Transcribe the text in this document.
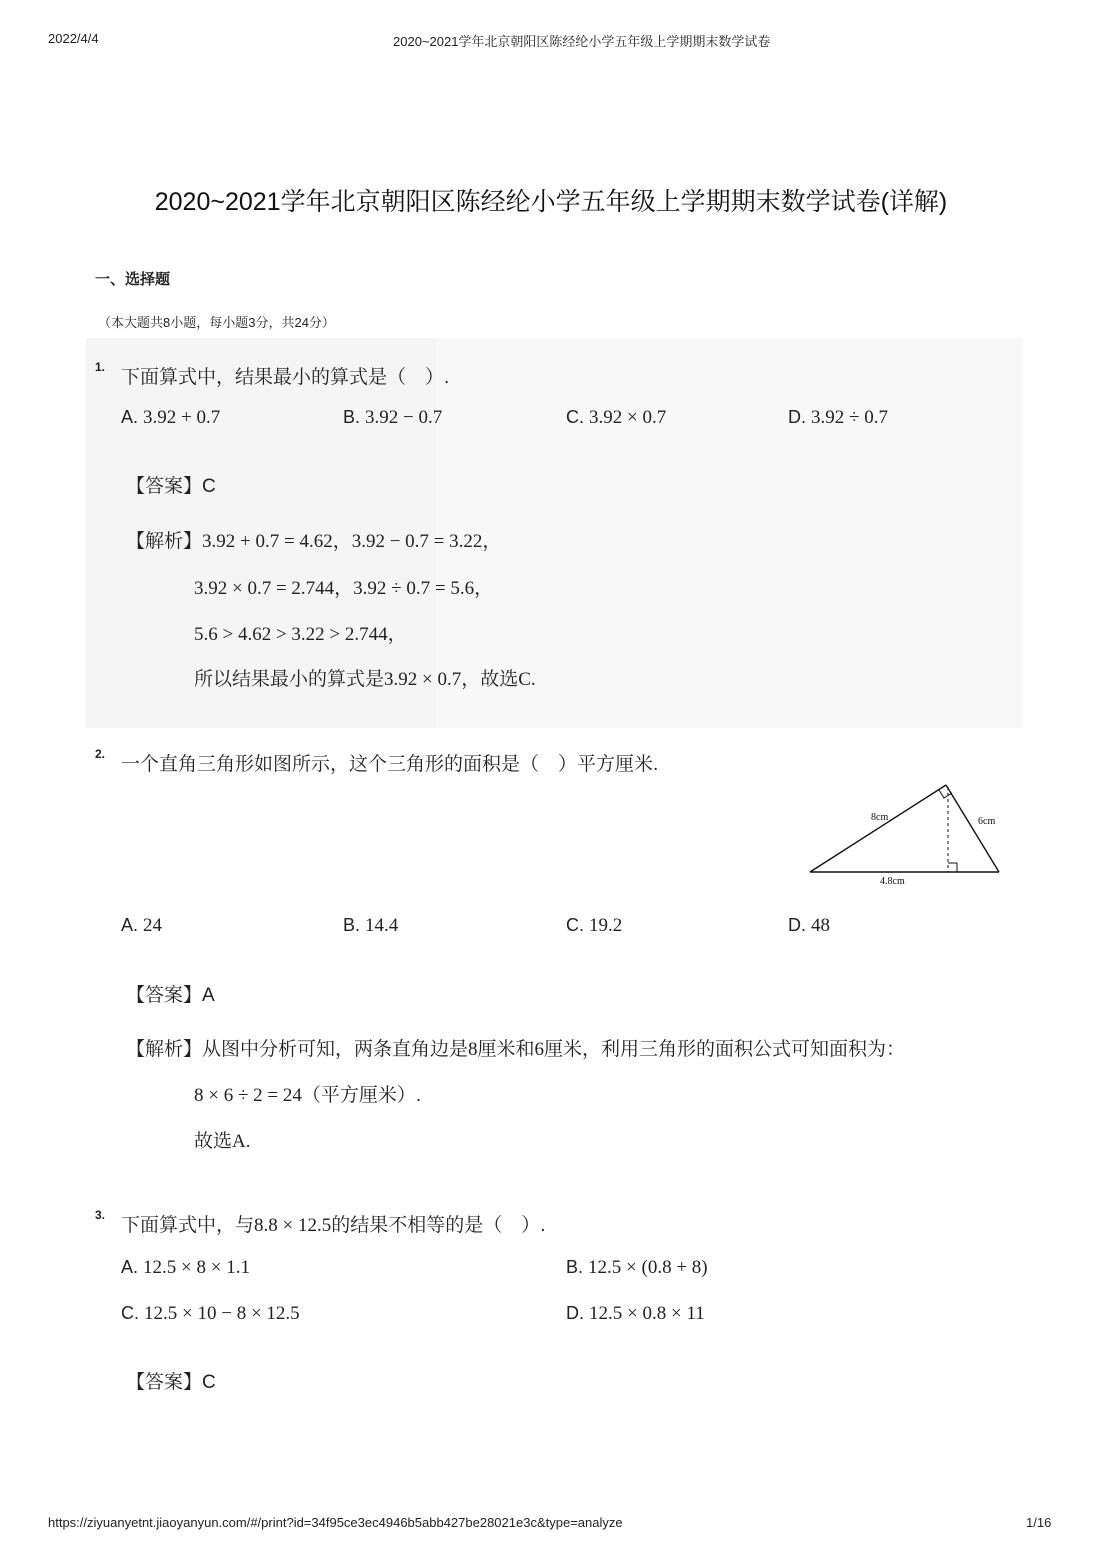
2022/4/4	2020~2021学年北京朝阳区陈经纶小学五年级上学期期末数学试卷
2020~2021学年北京朝阳区陈经纶小学五年级上学期期末数学试卷(详解)
一、选择题
（本大题共8小题，每小题3分，共24分）
1. 下面算式中，结果最小的算式是（　）.
A. 3.92 + 0.7	B. 3.92 − 0.7	C. 3.92 × 0.7	D. 3.92 ÷ 0.7
【答案】C
【解析】3.92 + 0.7 = 4.62，3.92 − 0.7 = 3.22，
3.92 × 0.7 = 2.744，3.92 ÷ 0.7 = 5.6，
5.6 > 4.62 > 3.22 > 2.744，
所以结果最小的算式是3.92 × 0.7，故选C.
2. 一个直角三角形如图所示，这个三角形的面积是（　）平方厘米.
8cm	6cm
4.8cm
A. 24	B. 14.4	C. 19.2	D. 48
【答案】A
【解析】从图中分析可知，两条直角边是8厘米和6厘米，利用三角形的面积公式可知面积为：
8 × 6 ÷ 2 = 24（平方厘米）.
故选A.
3. 下面算式中，与8.8 × 12.5的结果不相等的是（　）.
A. 12.5 × 8 × 1.1	B. 12.5 × (0.8 + 8)
C. 12.5 × 10 − 8 × 12.5	D. 12.5 × 0.8 × 11
【答案】C
https://ziyuanyetnt.jiaoyanyun.com/#/print?id=34f95ce3ec4946b5abb427be28021e3c&type=analyze	1/16
